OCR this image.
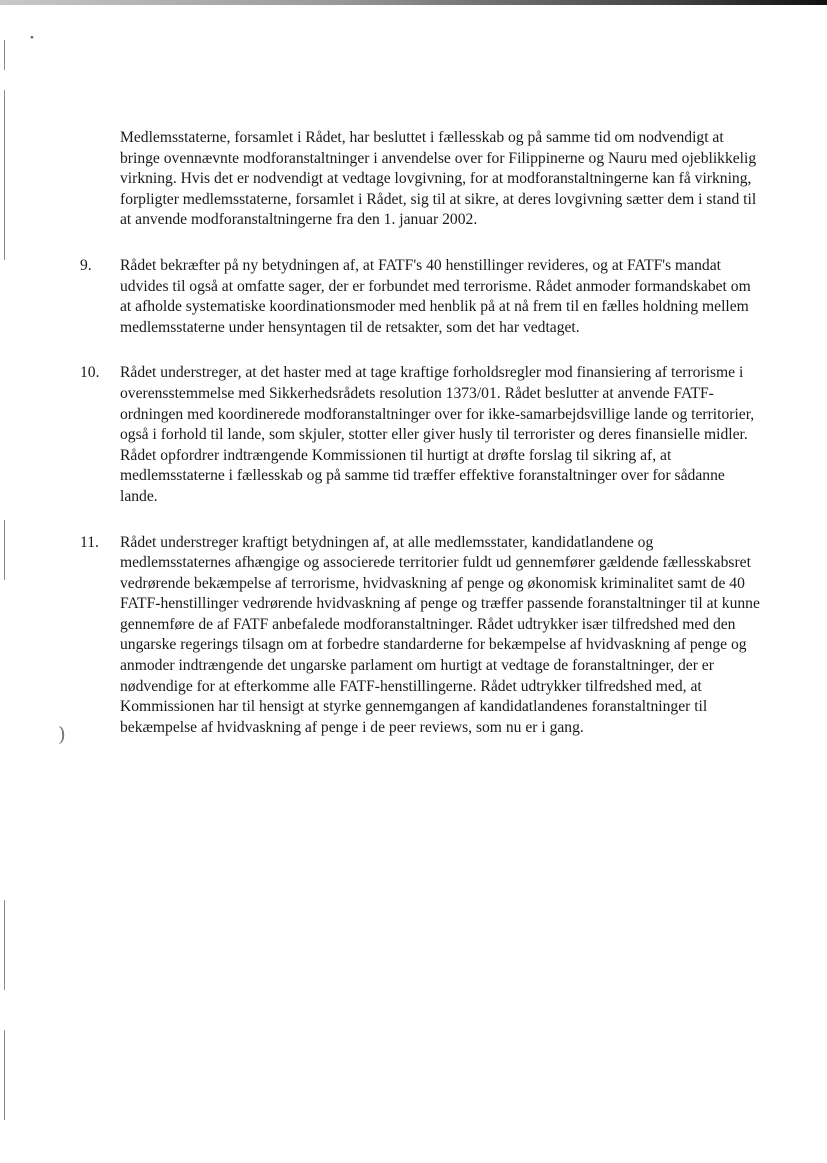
•
)

Medlemsstaterne, forsamlet i Rådet, har besluttet i fællesskab og på samme tid om nodvendigt at bringe ovennævnte modforanstaltninger i anvendelse over for Filippinerne og Nauru med ojeblikkelig virkning. Hvis det er nodvendigt at vedtage lovgivning, for at modforanstaltningerne kan få virkning, forpligter medlemsstaterne, forsamlet i Rådet, sig til at sikre, at deres lovgivning sætter dem i stand til at anvende modforanstaltningerne fra den 1. januar 2002.

9. Rådet bekræfter på ny betydningen af, at FATF's 40 henstillinger revideres, og at FATF's mandat udvides til også at omfatte sager, der er forbundet med terrorisme. Rådet anmoder formandskabet om at afholde systematiske koordinationsmoder med henblik på at nå frem til en fælles holdning mellem medlemsstaterne under hensyntagen til de retsakter, som det har vedtaget.

10. Rådet understreger, at det haster med at tage kraftige forholdsregler mod finansiering af terrorisme i overensstemmelse med Sikkerhedsrådets resolution 1373/01. Rådet beslutter at anvende FATF-ordningen med koordinerede modforanstaltninger over for ikke-samarbejdsvillige lande og territorier, også i forhold til lande, som skjuler, stotter eller giver husly til terrorister og deres finansielle midler. Rådet opfordrer indtrængende Kommissionen til hurtigt at drøfte forslag til sikring af, at medlemsstaterne i fællesskab og på samme tid træffer effektive foranstaltninger over for sådanne lande.

11. Rådet understreger kraftigt betydningen af, at alle medlemsstater, kandidatlandene og medlemsstaternes afhængige og associerede territorier fuldt ud gennemfører gældende fællesskabsret vedrørende bekæmpelse af terrorisme, hvidvaskning af penge og økonomisk kriminalitet samt de 40 FATF-henstillinger vedrørende hvidvaskning af penge og træffer passende foranstaltninger til at kunne gennemføre de af FATF anbefalede modforanstaltninger. Rådet udtrykker især tilfredshed med den ungarske regerings tilsagn om at forbedre standarderne for bekæmpelse af hvidvaskning af penge og anmoder indtrængende det ungarske parlament om hurtigt at vedtage de foranstaltninger, der er nødvendige for at efterkomme alle FATF-henstillingerne. Rådet udtrykker tilfredshed med, at Kommissionen har til hensigt at styrke gennemgangen af kandidatlandenes foranstaltninger til bekæmpelse af hvidvaskning af penge i de peer reviews, som nu er i gang.
